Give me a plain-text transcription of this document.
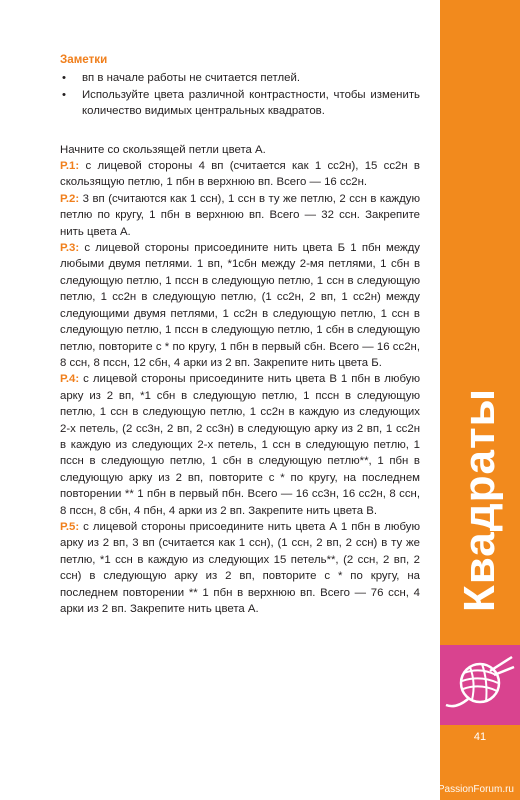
Заметки
• вп в начале работы не считается петлей.
• Используйте цвета различной контрастности, чтобы изменить количество видимых центральных квадратов.
Начните со скользящей петли цвета А.
Р.1: с лицевой стороны 4 вп (считается как 1 сс2н), 15 сс2н в скользящую петлю, 1 пбн в верхнюю вп. Всего — 16 сс2н.
Р.2: 3 вп (считаются как 1 ссн), 1 ссн в ту же петлю, 2 ссн в каждую петлю по кругу, 1 пбн в верхнюю вп. Всего — 32 ссн. Закрепите нить цвета А.
Р.3: с лицевой стороны присоедините нить цвета Б 1 пбн между любыми двумя петлями. 1 вп, *1сбн между 2-мя петлями, 1 сбн в следующую петлю, 1 пссн в следующую петлю, 1 ссн в следующую петлю, 1 сс2н в следующую петлю, (1 сс2н, 2 вп, 1 сс2н) между следующими двумя петлями, 1 сс2н в следующую петлю, 1 ссн в следующую петлю, 1 пссн в следующую петлю, 1 сбн в следующую петлю, повторите с * по кругу, 1 пбн в первый сбн. Всего — 16 сс2н, 8 ссн, 8 пссн, 12 сбн, 4 арки из 2 вп. Закрепите нить цвета Б.
Р.4: с лицевой стороны присоедините нить цвета В 1 пбн в любую арку из 2 вп, *1 сбн в следующую петлю, 1 пссн в следующую петлю, 1 ссн в следующую петлю, 1 сс2н в каждую из следующих 2-х петель, (2 сс3н, 2 вп, 2 сс3н) в следующую арку из 2 вп, 1 сс2н в каждую из следующих 2-х петель, 1 ссн в следующую петлю, 1 пссн в следующую петлю, 1 сбн в следующую петлю**, 1 пбн в следующую арку из 2 вп, повторите с * по кругу, на последнем повторении ** 1 пбн в первый пбн. Всего — 16 сс3н, 16 сс2н, 8 ссн, 8 пссн, 8 сбн, 4 пбн, 4 арки из 2 вп. Закрепите нить цвета В.
Р.5: с лицевой стороны присоедините нить цвета А 1 пбн в любую арку из 2 вп, 3 вп (считается как 1 ссн), (1 ссн, 2 вп, 2 ссн) в ту же петлю, *1 ссн в каждую из следующих 15 петель**, (2 ссн, 2 вп, 2 ссн) в следующую арку из 2 вп, повторите с * по кругу, на последнем повторении ** 1 пбн в верхнюю вп. Всего — 76 ссн, 4 арки из 2 вп. Закрепите нить цвета А.	Квадраты
41
PassionForum.ru
